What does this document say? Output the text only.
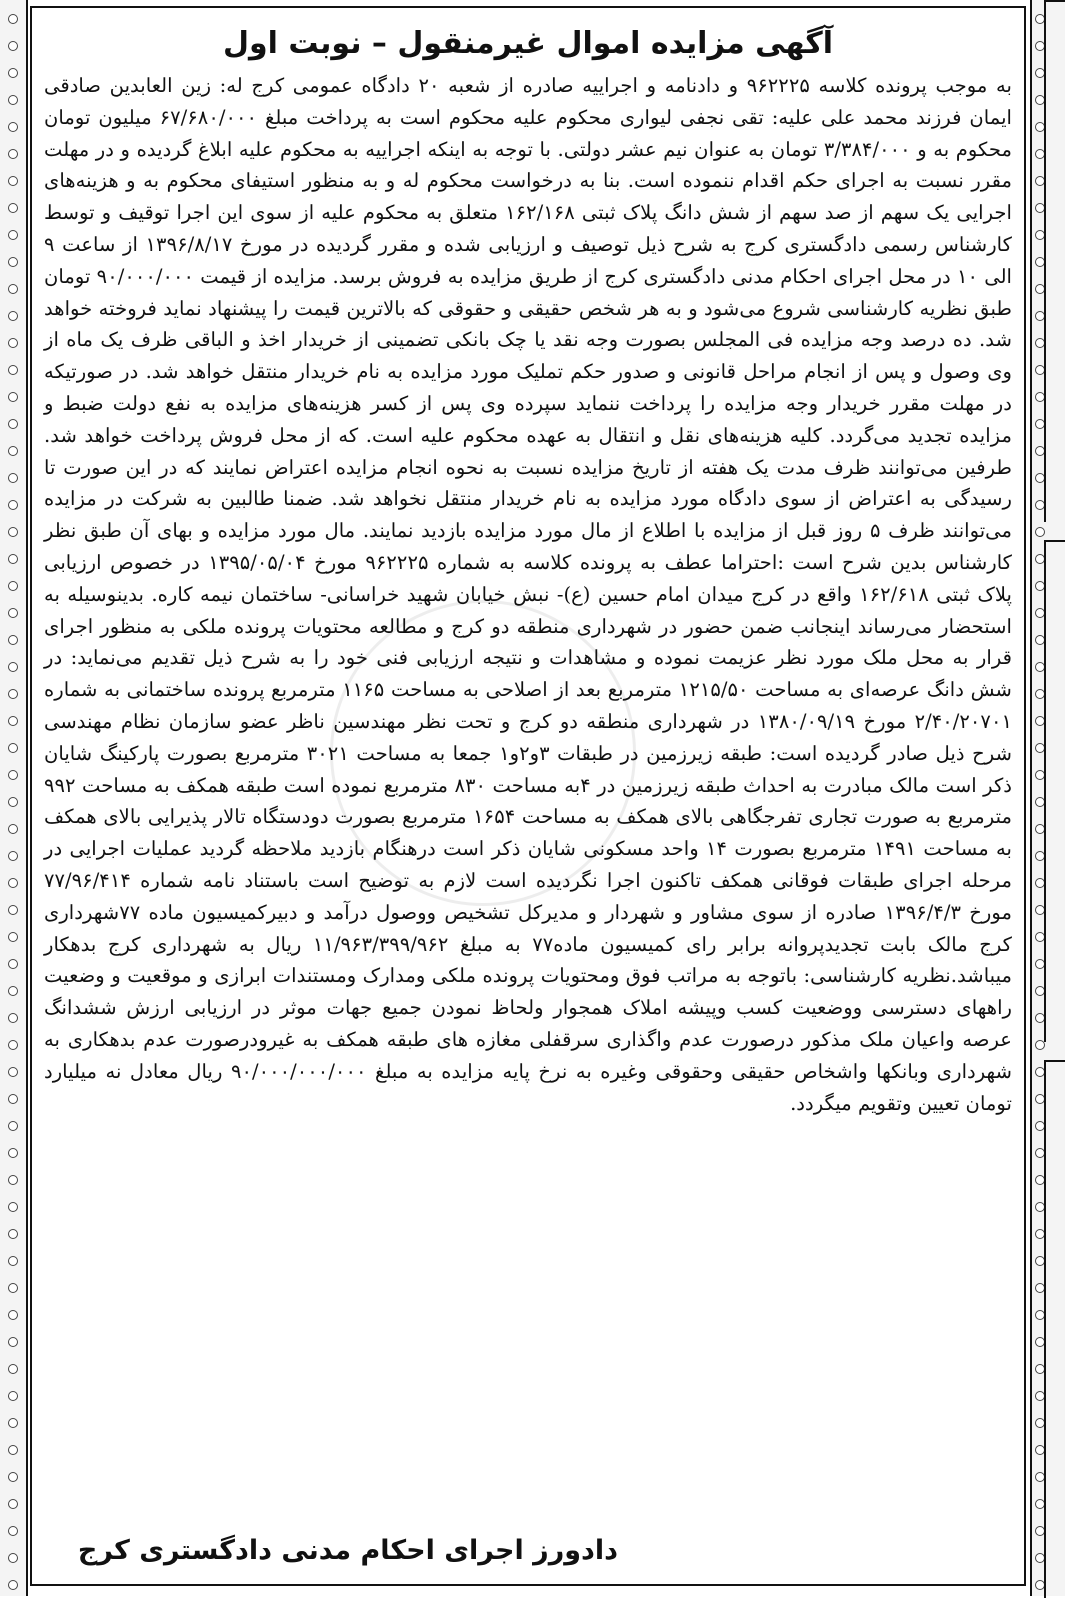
آگهی مزایده اموال غیرمنقول – نوبت اول

به موجب پرونده کلاسه ۹۶۲۲۲۵ و دادنامه و اجراییه صادره از شعبه ۲۰ دادگاه عمومی کرج له: زین العابدین صادقی ایمان فرزند محمد علی علیه: تقی نجفی لیواری محکوم علیه محکوم است به پرداخت مبلغ ۶۷/۶۸۰/۰۰۰ میلیون تومان محکوم به و ۳/۳۸۴/۰۰۰ تومان به عنوان نیم عشر دولتی. با توجه به اینکه اجراییه به محکوم علیه ابلاغ گردیده و در مهلت مقرر نسبت به اجرای حکم اقدام ننموده است. بنا به درخواست محکوم له و به منظور استیفای محکوم به و هزینه‌های اجرایی یک سهم از صد سهم از شش دانگ پلاک ثبتی ۱۶۲/۱۶۸ متعلق به محکوم علیه از سوی این اجرا توقیف و توسط کارشناس رسمی دادگستری کرج به شرح ذیل توصیف و ارزیابی شده و مقرر گردیده در مورخ ۱۳۹۶/۸/۱۷ از ساعت ۹ الی ۱۰ در محل اجرای احکام مدنی دادگستری کرج از طریق مزایده به فروش برسد. مزایده از قیمت ۹۰/۰۰۰/۰۰۰ تومان طبق نظریه کارشناسی شروع می‌شود و به هر شخص حقیقی و حقوقی که بالاترین قیمت را پیشنهاد نماید فروخته خواهد شد. ده درصد وجه مزایده فی المجلس بصورت وجه نقد یا چک بانکی تضمینی از خریدار اخذ و الباقی ظرف یک ماه از وی وصول و پس از انجام مراحل قانونی و صدور حکم تملیک مورد مزایده به نام خریدار منتقل خواهد شد. در صورتیکه در مهلت مقرر خریدار وجه مزایده را پرداخت ننماید سپرده وی پس از کسر هزینه‌های مزایده به نفع دولت ضبط و مزایده تجدید می‌گردد. کلیه هزینه‌های نقل و انتقال به عهده محکوم علیه است. که از محل فروش پرداخت خواهد شد. طرفین می‌توانند ظرف مدت یک هفته از تاریخ مزایده نسبت به نحوه انجام مزایده اعتراض نمایند که در این صورت تا رسیدگی به اعتراض از سوی دادگاه مورد مزایده به نام خریدار منتقل نخواهد شد. ضمنا طالبین به شرکت در مزایده می‌توانند ظرف ۵ روز قبل از مزایده با اطلاع از مال مورد مزایده بازدید نمایند. مال مورد مزایده و بهای آن طبق نظر کارشناس بدین شرح است :احتراما عطف به پرونده کلاسه به شماره ۹۶۲۲۲۵ مورخ ۱۳۹۵/۰۵/۰۴ در خصوص ارزیابی پلاک ثبتی ۱۶۲/۶۱۸ واقع در کرج میدان امام حسین (ع)- نبش خیابان شهید خراسانی- ساختمان نیمه کاره. بدینوسیله به استحضار می‌رساند اینجانب ضمن حضور در شهرداری منطقه دو کرج و مطالعه محتویات پرونده ملکی به منظور اجرای قرار به محل ملک مورد نظر عزیمت نموده و مشاهدات و نتیجه ارزیابی فنی خود را به شرح ذیل تقدیم می‌نماید: در شش دانگ عرصه‌ای به مساحت ۱۲۱۵/۵۰ مترمربع بعد از اصلاحی به مساحت ۱۱۶۵ مترمربع پرونده ساختمانی به شماره ۲/۴۰/۲۰۷۰۱ مورخ ۱۳۸۰/۰۹/۱۹ در شهرداری منطقه دو کرج و تحت نظر مهندسین ناظر عضو سازمان نظام مهندسی شرح ذیل صادر گردیده است: طبقه زیرزمین در طبقات ۳و۲و۱ جمعا به مساحت ۳۰۲۱ مترمربع بصورت پارکینگ شایان ذکر است مالک مبادرت به احداث طبقه زیرزمین در ۴به مساحت ۸۳۰ مترمربع نموده است طبقه همکف به مساحت ۹۹۲ مترمربع به صورت تجاری تفرجگاهی بالای همکف به مساحت ۱۶۵۴ مترمربع بصورت دودستگاه تالار پذیرایی بالای همکف به مساحت ۱۴۹۱ مترمربع بصورت ۱۴ واحد مسکونی شایان ذکر است درهنگام بازدید ملاحظه گردید عملیات اجرایی در مرحله اجرای طبقات فوقانی همکف تاکنون اجرا نگردیده است لازم به توضیح است باستناد نامه شماره ۷۷/۹۶/۴۱۴ مورخ ۱۳۹۶/۴/۳ صادره از سوی مشاور و شهردار و مدیرکل تشخیص ووصول درآمد و دبیرکمیسیون ماده ۷۷شهرداری کرج مالک بابت تجدیدپروانه برابر رای کمیسیون ماده۷۷ به مبلغ ۱۱/۹۶۳/۳۹۹/۹۶۲ ریال به شهرداری کرج بدهکار میباشد.نظریه کارشناسی: باتوجه به مراتب فوق ومحتویات پرونده ملکی ومدارک ومستندات ابرازی و موقعیت و وضعیت راههای دسترسی ووضعیت کسب وپیشه املاک همجوار ولحاظ نمودن جمیع جهات موثر در ارزیابی ارزش ششدانگ عرصه واعیان ملک مذکور درصورت عدم واگذاری سرقفلی مغازه های طبقه همکف به غیرودرصورت عدم بدهکاری به شهرداری وبانکها واشخاص حقیقی وحقوقی وغیره به نرخ پایه مزایده به مبلغ ۹۰/۰۰۰/۰۰۰/۰۰۰ ریال معادل نه میلیارد تومان تعیین وتقویم میگردد.

دادورز اجرای احکام مدنی دادگستری کرج
